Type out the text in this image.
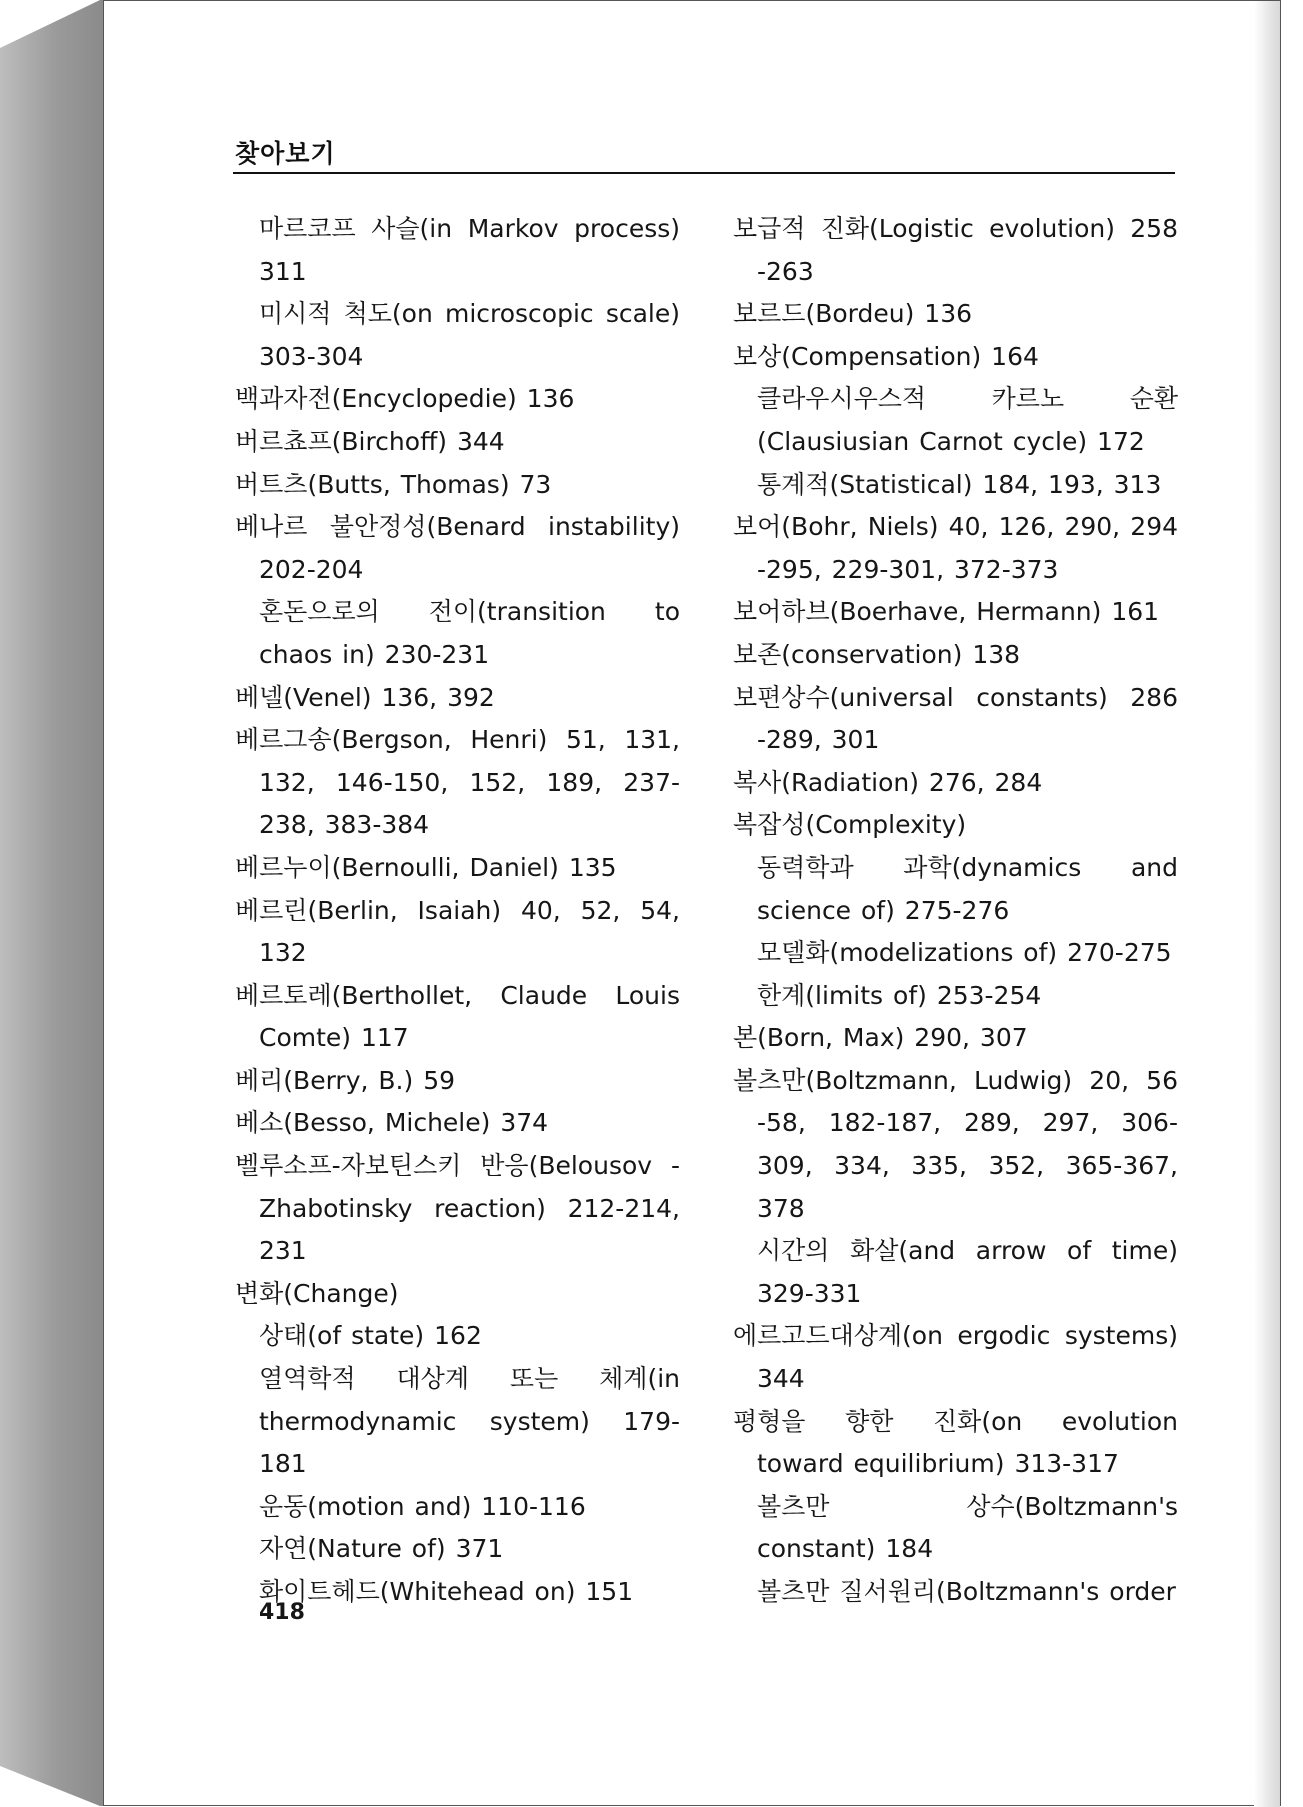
찾아보기
마르코프 사슬(in Markov process) 311
미시적 척도(on microscopic scale) 303-304
백과자전(Encyclopedie) 136
버르쵸프(Birchoff) 344
버트츠(Butts, Thomas) 73
베나르 불안정성(Benard instability) 202-204
혼돈으로의 전이(transition to chaos in) 230-231
베넬(Venel) 136, 392
베르그송(Bergson, Henri) 51, 131, 132, 146-150, 152, 189, 237-238, 383-384
베르누이(Bernoulli, Daniel) 135
베르린(Berlin, Isaiah) 40, 52, 54, 132
베르토레(Berthollet, Claude Louis Comte) 117
베리(Berry, B.) 59
베소(Besso, Michele) 374
벨루소프-자보틴스키 반응(Belousov -Zhabotinsky reaction) 212-214, 231
변화(Change)
상태(of state) 162
열역학적 대상계 또는 체계(in thermodynamic system) 179-181
운동(motion and) 110-116
자연(Nature of) 371
화이트헤드(Whitehead on) 151
보급적 진화(Logistic evolution) 258 -263
보르드(Bordeu) 136
보상(Compensation) 164
클라우시우스적 카르노 순환(Clausiusian Carnot cycle) 172
통계적(Statistical) 184, 193, 313
보어(Bohr, Niels) 40, 126, 290, 294 -295, 229-301, 372-373
보어하브(Boerhave, Hermann) 161
보존(conservation) 138
보편상수(universal constants) 286 -289, 301
복사(Radiation) 276, 284
복잡성(Complexity)
동력학과 과학(dynamics and science of) 275-276
모델화(modelizations of) 270-275
한계(limits of) 253-254
본(Born, Max) 290, 307
볼츠만(Boltzmann, Ludwig) 20, 56 -58, 182-187, 289, 297, 306-309, 334, 335, 352, 365-367, 378
시간의 화살(and arrow of time) 329-331
에르고드대상계(on ergodic systems) 344
평형을 향한 진화(on evolution toward equilibrium) 313-317
볼츠만 상수(Boltzmann's constant) 184
볼츠만 질서원리(Boltzmann's order
418
